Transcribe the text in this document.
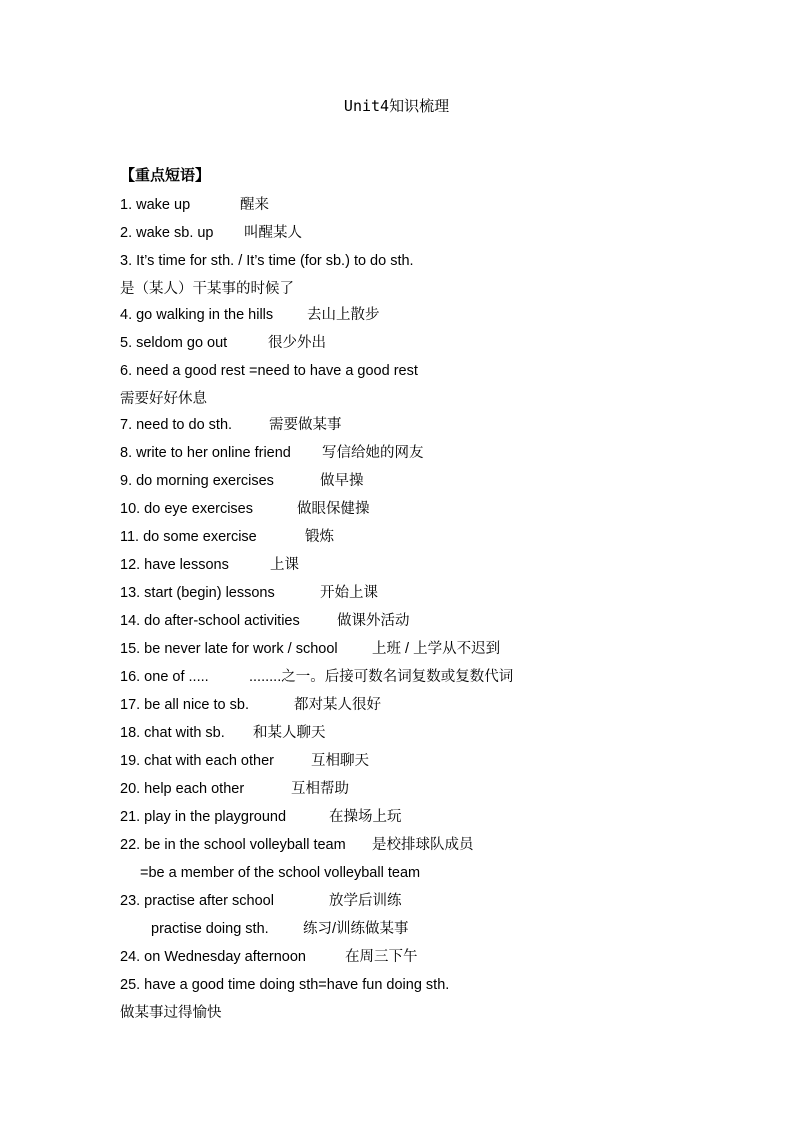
Unit4知识梳理
【重点短语】
1. wake up	醒来
2. wake sb. up 叫醒某人
3. It’s time for sth. / It’s time (for sb.) to do sth.
是（某人）干某事的时候了
4. go walking in the hills 去山上散步
5. seldom go out	很少外出
6. need a good rest =need to have a good rest
需要好好休息
7. need to do sth.	需要做某事
8. write to her online friend 写信给她的网友
9. do morning exercises	做早操
10. do eye exercises	做眼保健操
11. do some exercise	锻炼
12. have lessons	上课
13. start (begin) lessons	开始上课
14. do after-school activities	做课外活动
15. be never late for work / school 上班 / 上学从不迟到
16. one of .....	........之一。后接可数名词复数或复数代词
17. be all nice to sb.	都对某人很好
18. chat with sb. 和某人聊天
19. chat with each other	互相聊天
20. help each other	互相帮助
21. play in the playground	在操场上玩
22. be in the school volleyball team是校排球队成员
=be a member of the school volleyball team
23. practise after school	放学后训练
practise doing sth. 练习/训练做某事
24. on Wednesday afternoon	在周三下午
25. have a good time doing sth=have fun doing sth.
做某事过得愉快
